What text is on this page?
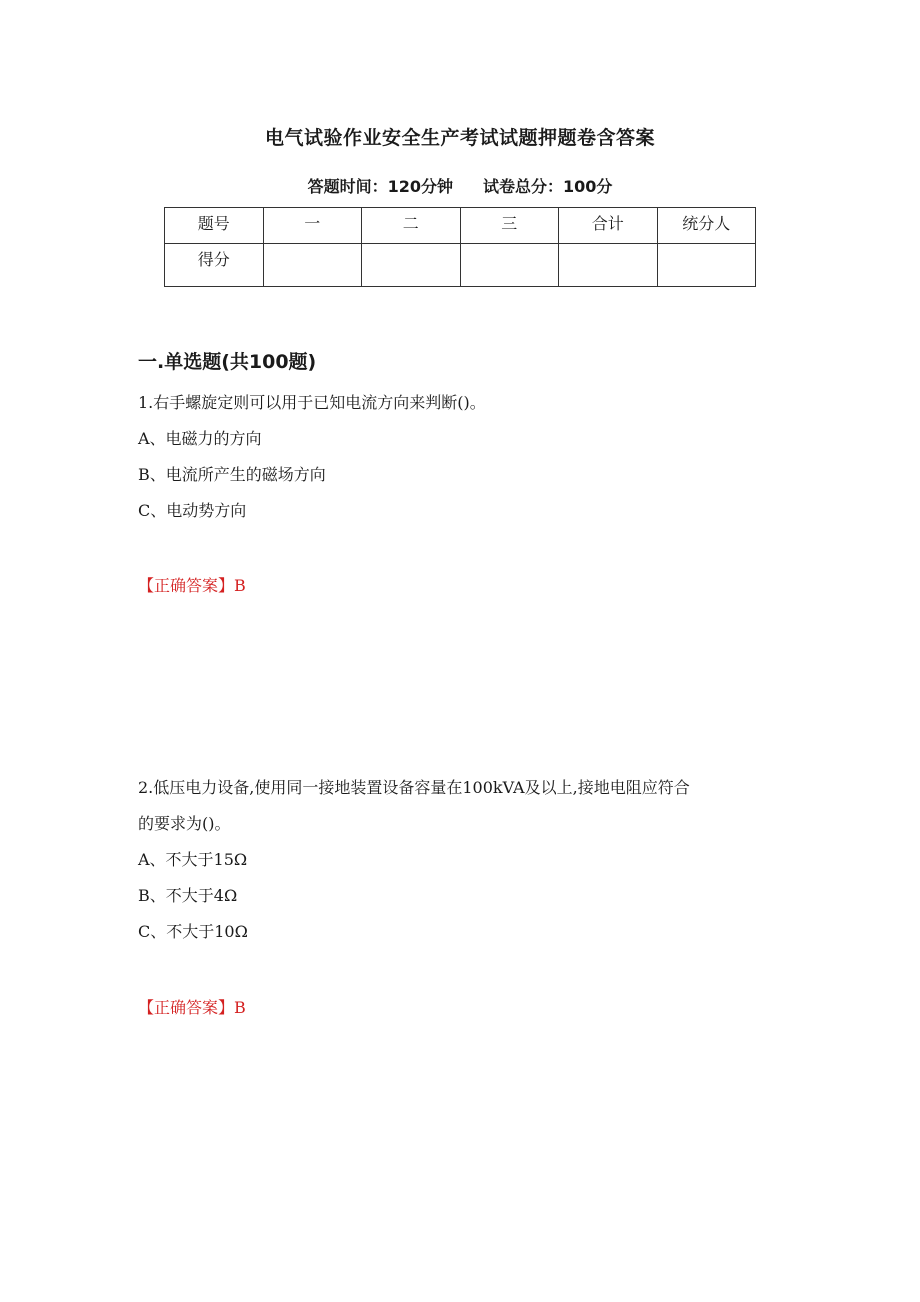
电气试验作业安全生产考试试题押题卷含答案
答题时间：120分钟 试卷总分：100分
题号	一	二	三	合计	统分人
得分					
一.单选题(共100题)
1.右手螺旋定则可以用于已知电流方向来判断()。
A、电磁力的方向
B、电流所产生的磁场方向
C、电动势方向
【正确答案】B
2.低压电力设备,使用同一接地装置设备容量在100kVA及以上,接地电阻应符合
的要求为()。
A、不大于15Ω
B、不大于4Ω
C、不大于10Ω
【正确答案】B
